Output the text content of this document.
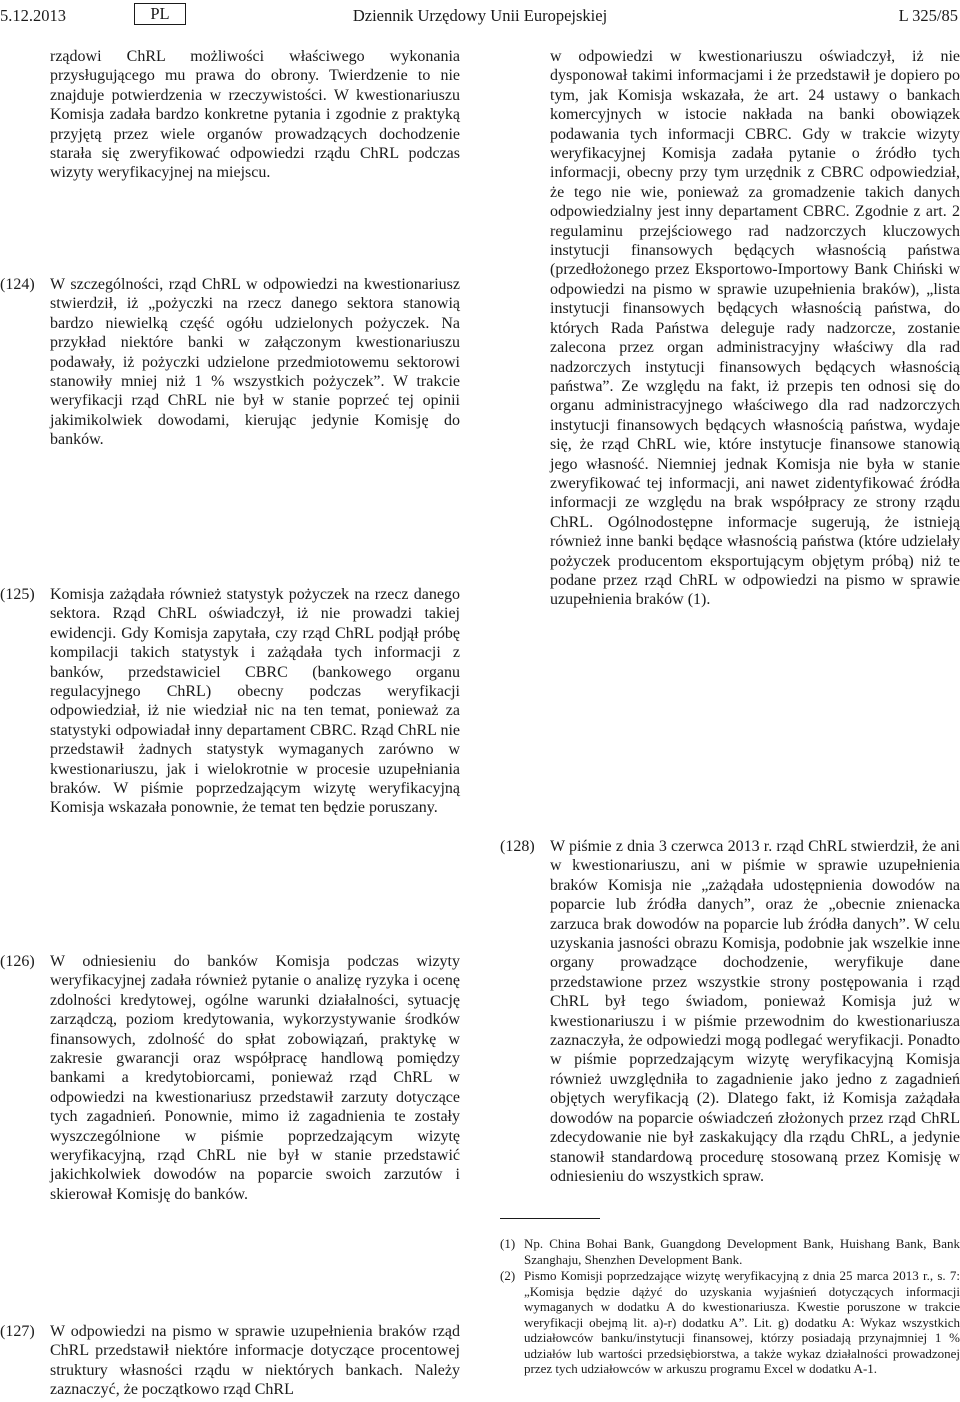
5.12.2013	PL	Dziennik Urzędowy Unii Europejskiej	L 325/85
rządowi ChRL możliwości właściwego wykonania przysługującego mu prawa do obrony. Twierdzenie to nie znajduje potwierdzenia w rzeczywistości. W kwestionariuszu Komisja zadała bardzo konkretne pytania i zgodnie z praktyką przyjętą przez wiele organów prowadzących dochodzenie starała się zweryfikować odpowiedzi rządu ChRL podczas wizyty weryfikacyjnej na miejscu.
(124) W szczególności, rząd ChRL w odpowiedzi na kwestionariusz stwierdził, iż „pożyczki na rzecz danego sektora stanowią bardzo niewielką część ogółu udzielonych pożyczek. Na przykład niektóre banki w załączonym kwestionariuszu podawały, iż pożyczki udzielone przedmiotowemu sektorowi stanowiły mniej niż 1 % wszystkich pożyczek”. W trakcie weryfikacji rząd ChRL nie był w stanie poprzeć tej opinii jakimikolwiek dowodami, kierując jedynie Komisję do banków.
(125) Komisja zażądała również statystyk pożyczek na rzecz danego sektora. Rząd ChRL oświadczył, iż nie prowadzi takiej ewidencji. Gdy Komisja zapytała, czy rząd ChRL podjął próbę kompilacji takich statystyk i zażądała tych informacji z banków, przedstawiciel CBRC (bankowego organu regulacyjnego ChRL) obecny podczas weryfikacji odpowiedział, iż nie wiedział nic na ten temat, ponieważ za statystyki odpowiadał inny departament CBRC. Rząd ChRL nie przedstawił żadnych statystyk wymaganych zarówno w kwestionariuszu, jak i wielokrotnie w procesie uzupełniania braków. W piśmie poprzedzającym wizytę weryfikacyjną Komisja wskazała ponownie, że temat ten będzie poruszany.
(126) W odniesieniu do banków Komisja podczas wizyty weryfikacyjnej zadała również pytanie o analizę ryzyka i ocenę zdolności kredytowej, ogólne warunki działalności, sytuację zarządczą, poziom kredytowania, wykorzystywanie środków finansowych, zdolność do spłat zobowiązań, praktykę w zakresie gwarancji oraz współpracę handlową pomiędzy bankami a kredytobiorcami, ponieważ rząd ChRL w odpowiedzi na kwestionariusz przedstawił zarzuty dotyczące tych zagadnień. Ponownie, mimo iż zagadnienia te zostały wyszczególnione w piśmie poprzedzającym wizytę weryfikacyjną, rząd ChRL nie był w stanie przedstawić jakichkolwiek dowodów na poparcie swoich zarzutów i skierował Komisję do banków.
(127) W odpowiedzi na pismo w sprawie uzupełnienia braków rząd ChRL przedstawił niektóre informacje dotyczące procentowej struktury własności rządu w niektórych bankach. Należy zaznaczyć, że początkowo rząd ChRL
w odpowiedzi w kwestionariuszu oświadczył, iż nie dysponował takimi informacjami i że przedstawił je dopiero po tym, jak Komisja wskazała, że art. 24 ustawy o bankach komercyjnych w istocie nakłada na banki obowiązek podawania tych informacji CBRC. Gdy w trakcie wizyty weryfikacyjnej Komisja zadała pytanie o źródło tych informacji, obecny przy tym urzędnik z CBRC odpowiedział, że tego nie wie, ponieważ za gromadzenie takich danych odpowiedzialny jest inny departament CBRC. Zgodnie z art. 2 regulaminu przejściowego rad nadzorczych kluczowych instytucji finansowych będących własnością państwa (przedłożonego przez Eksportowo-Importowy Bank Chiński w odpowiedzi na pismo w sprawie uzupełnienia braków), „lista instytucji finansowych będących własnością państwa, do których Rada Państwa deleguje rady nadzorcze, zostanie zalecona przez organ administracyjny właściwy dla rad nadzorczych instytucji finansowych będących własnością państwa”. Ze względu na fakt, iż przepis ten odnosi się do organu administracyjnego właściwego dla rad nadzorczych instytucji finansowych będących własnością państwa, wydaje się, że rząd ChRL wie, które instytucje finansowe stanowią jego własność. Niemniej jednak Komisja nie była w stanie zweryfikować tej informacji, ani nawet zidentyfikować źródła informacji ze względu na brak współpracy ze strony rządu ChRL. Ogólnodostępne informacje sugerują, że istnieją również inne banki będące własnością państwa (które udzielały pożyczek producentom eksportującym objętym próbą) niż te podane przez rząd ChRL w odpowiedzi na pismo w sprawie uzupełnienia braków (1).
(128) W piśmie z dnia 3 czerwca 2013 r. rząd ChRL stwierdził, że ani w kwestionariuszu, ani w piśmie w sprawie uzupełnienia braków Komisja nie „zażądała udostępnienia dowodów na poparcie lub źródła danych”, oraz że „obecnie znienacka zarzuca brak dowodów na poparcie lub źródła danych”. W celu uzyskania jasności obrazu Komisja, podobnie jak wszelkie inne organy prowadzące dochodzenie, weryfikuje dane przedstawione przez wszystkie strony postępowania i rząd ChRL był tego świadom, ponieważ Komisja już w kwestionariuszu i w piśmie przewodnim do kwestionariusza zaznaczyła, że odpowiedzi mogą podlegać weryfikacji. Ponadto w piśmie poprzedzającym wizytę weryfikacyjną Komisja również uwzględniła to zagadnienie jako jedno z zagadnień objętych weryfikacją (2). Dlatego fakt, iż Komisja zażądała dowodów na poparcie oświadczeń złożonych przez rząd ChRL zdecydowanie nie był zaskakujący dla rządu ChRL, a jedynie stanowił standardową procedurę stosowaną przez Komisję w odniesieniu do wszystkich spraw.
(1) Np. China Bohai Bank, Guangdong Development Bank, Huishang Bank, Bank Szanghaju, Shenzhen Development Bank.
(2) Pismo Komisji poprzedzające wizytę weryfikacyjną z dnia 25 marca 2013 r., s. 7: „Komisja będzie dążyć do uzyskania wyjaśnień dotyczących informacji wymaganych w dodatku A do kwestionariusza. Kwestie poruszone w trakcie weryfikacji obejmą lit. a)-r) dodatku A”. Lit. g) dodatku A: Wykaz wszystkich udziałowców banku/instytucji finansowej, którzy posiadają przynajmniej 1 % udziałów lub wartości przedsiębiorstwa, a także wykaz działalności prowadzonej przez tych udziałowców w arkuszu programu Excel w dodatku A-1.
